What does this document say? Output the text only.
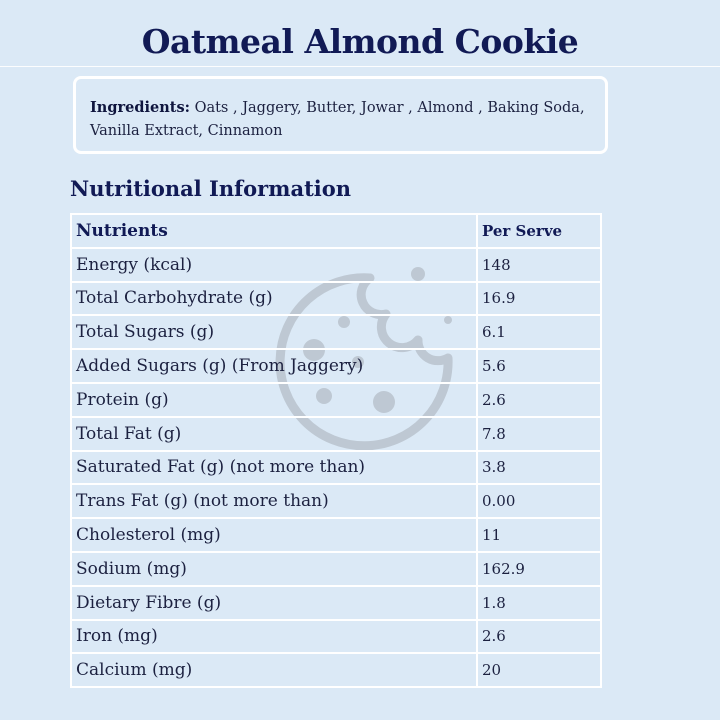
Oatmeal Almond Cookie
Ingredients: Oats , Jaggery, Butter, Jowar , Almond , Baking Soda, Vanilla Extract, Cinnamon
Nutritional Information
Nutrients	Per Serve
Energy (kcal)	148
Total Carbohydrate (g)	16.9
Total Sugars (g)	6.1
Added Sugars (g) (From Jaggery)	5.6
Protein (g)	2.6
Total Fat (g)	7.8
Saturated Fat (g) (not more than)	3.8
Trans Fat (g) (not more than)	0.00
Cholesterol (mg)	11
Sodium (mg)	162.9
Dietary Fibre (g)	1.8
Iron (mg)	2.6
Calcium (mg)	20
